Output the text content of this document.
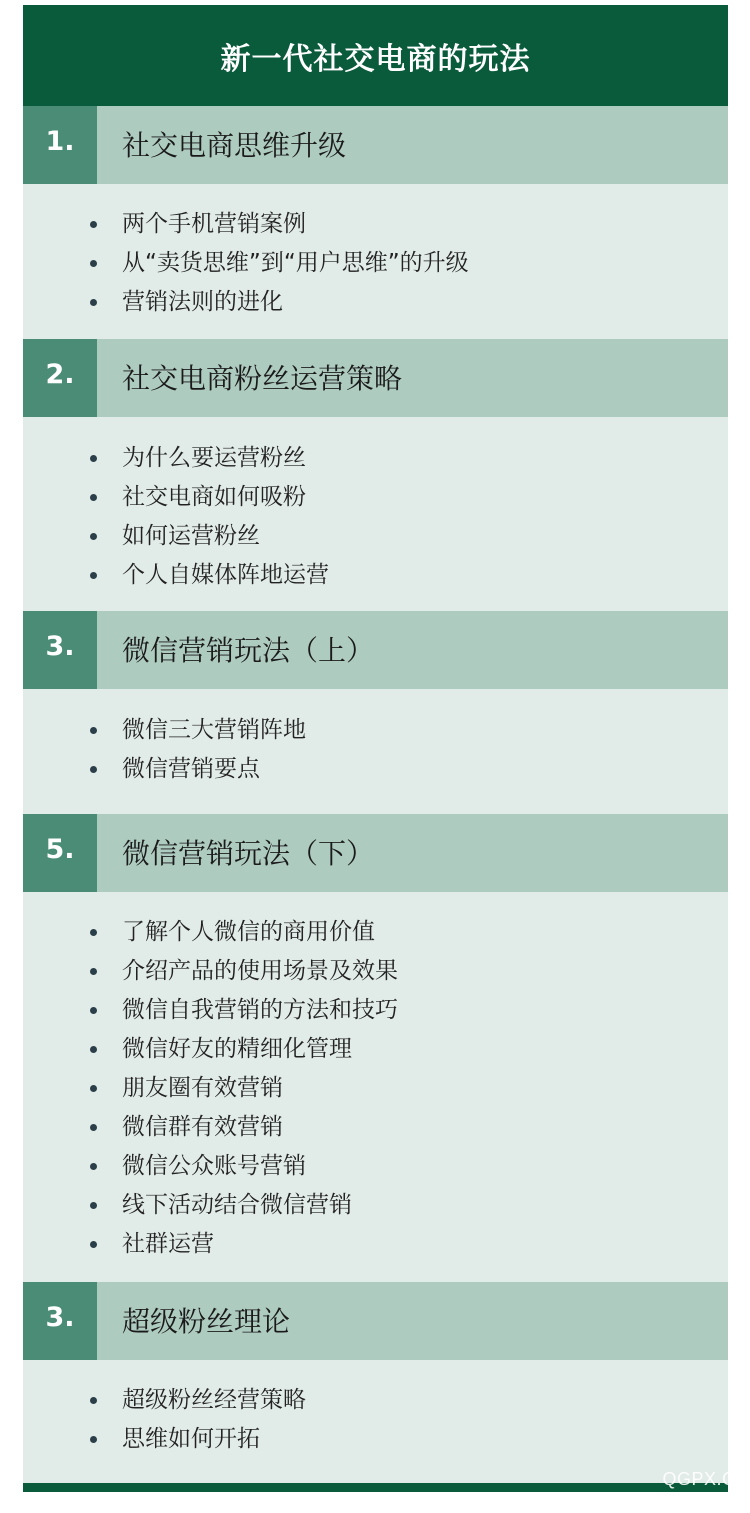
新一代社交电商的玩法
1.	社交电商思维升级
两个手机营销案例
从“卖货思维”到“用户思维”的升级
营销法则的进化
2.	社交电商粉丝运营策略
为什么要运营粉丝
社交电商如何吸粉
如何运营粉丝
个人自媒体阵地运营
3.	微信营销玩法（上）
微信三大营销阵地
微信营销要点
5.	微信营销玩法（下）
了解个人微信的商用价值
介绍产品的使用场景及效果
微信自我营销的方法和技巧
微信好友的精细化管理
朋友圈有效营销
微信群有效营销
微信公众账号营销
线下活动结合微信营销
社群运营
3.	超级粉丝理论
超级粉丝经营策略
思维如何开拓
QGPX.CO
